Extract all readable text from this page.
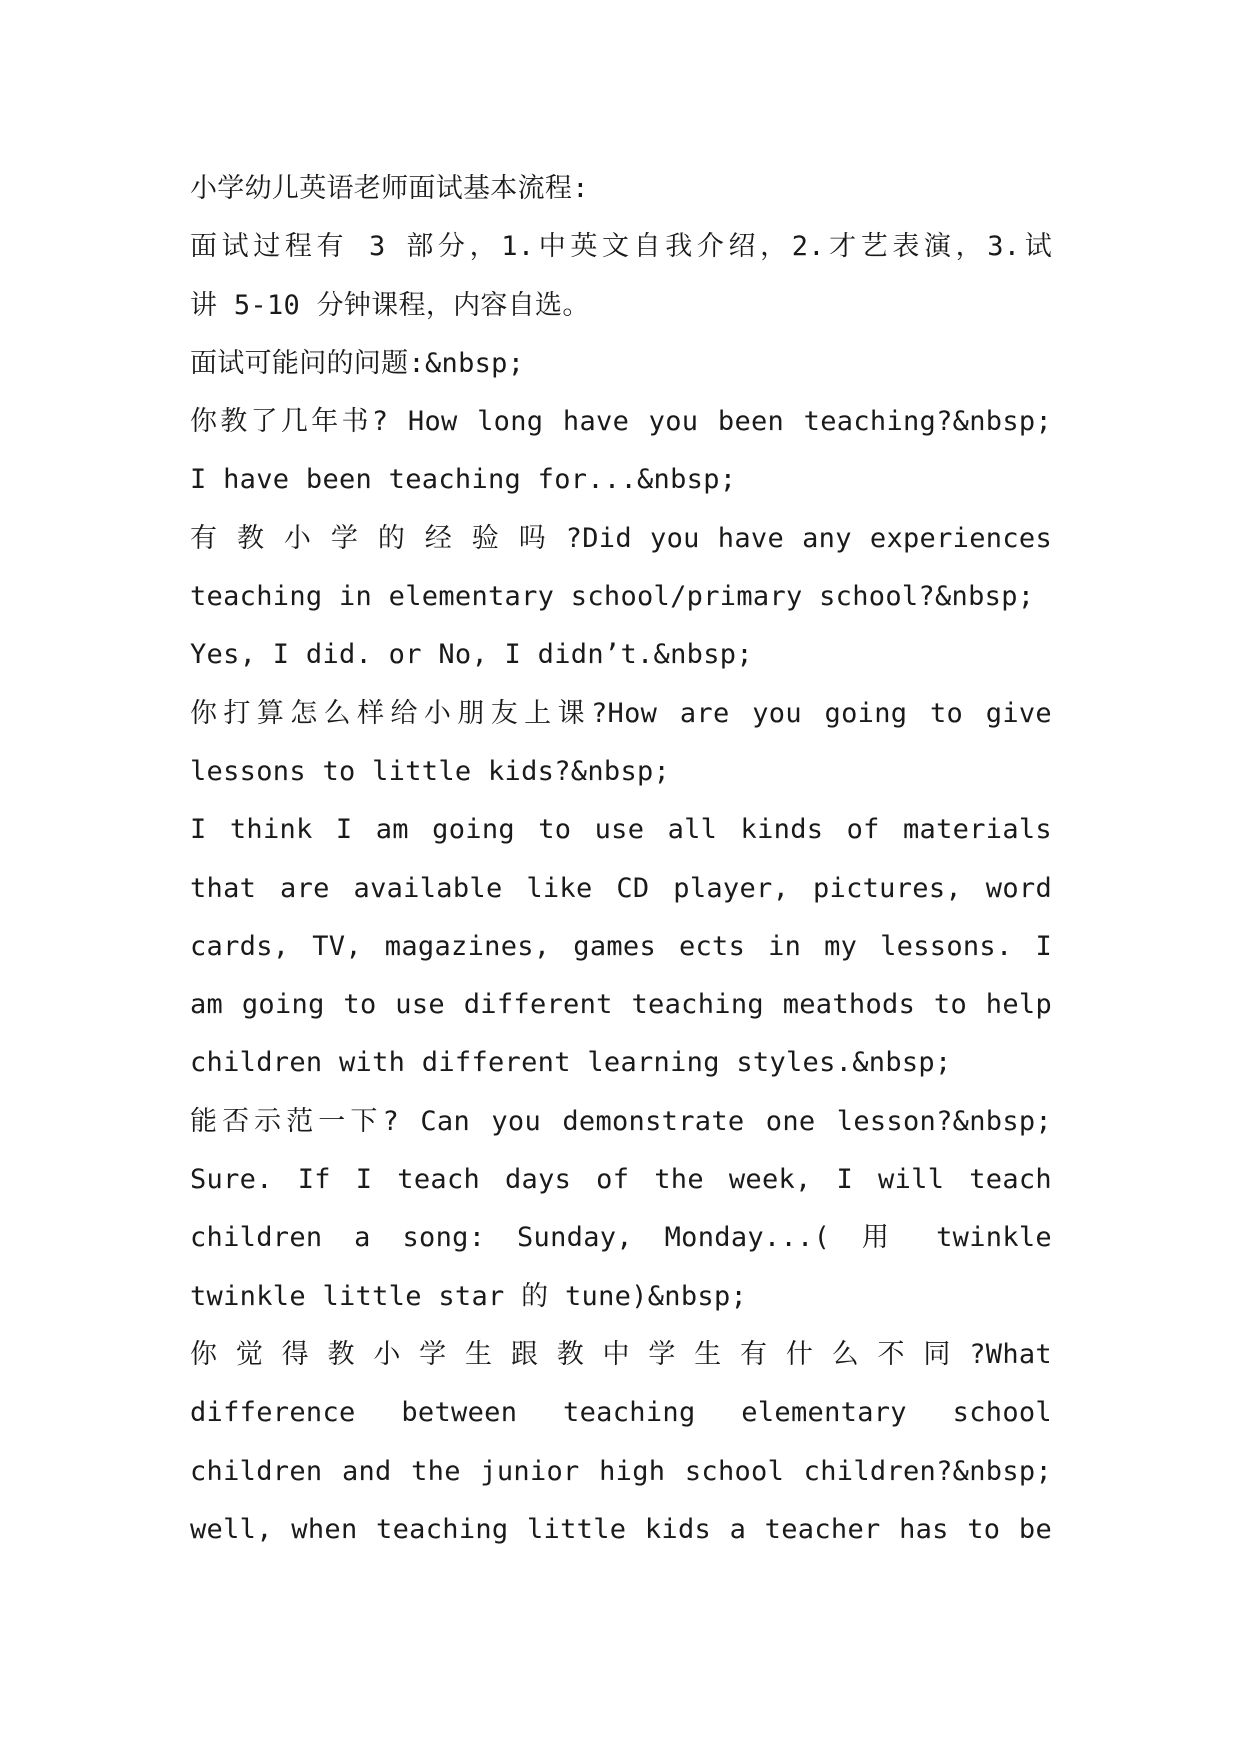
小学幼儿英语老师面试基本流程:
面试过程有 3 部分，1.中英文自我介绍，2.才艺表演，3.试
讲 5-10 分钟课程，内容自选。
面试可能问的问题:&nbsp;
你教了几年书? How long have you been teaching?&nbsp;
I have been teaching for...&nbsp;
有 教 小 学 的 经 验 吗 ?Did you have any experiences
teaching in elementary school/primary school?&nbsp;
Yes, I did. or No, I didn’t.&nbsp;
你打算怎么样给小朋友上课?How are you going to give
lessons to little kids?&nbsp;
I think I am going to use all kinds of materials
that are available like CD player, pictures, word
cards, TV, magazines, games ects in my lessons. I
am going to use different teaching meathods to help
children with different learning styles.&nbsp;
能否示范一下? Can you demonstrate one lesson?&nbsp;
Sure. If I teach days of the week, I will teach
children a song: Sunday, Monday...( 用 twinkle
twinkle little star 的 tune)&nbsp;
你 觉 得 教 小 学 生 跟 教 中 学 生 有 什 么 不 同 ?What
difference between teaching elementary school
children and the junior high school children?&nbsp;
well, when teaching little kids a teacher has to be
